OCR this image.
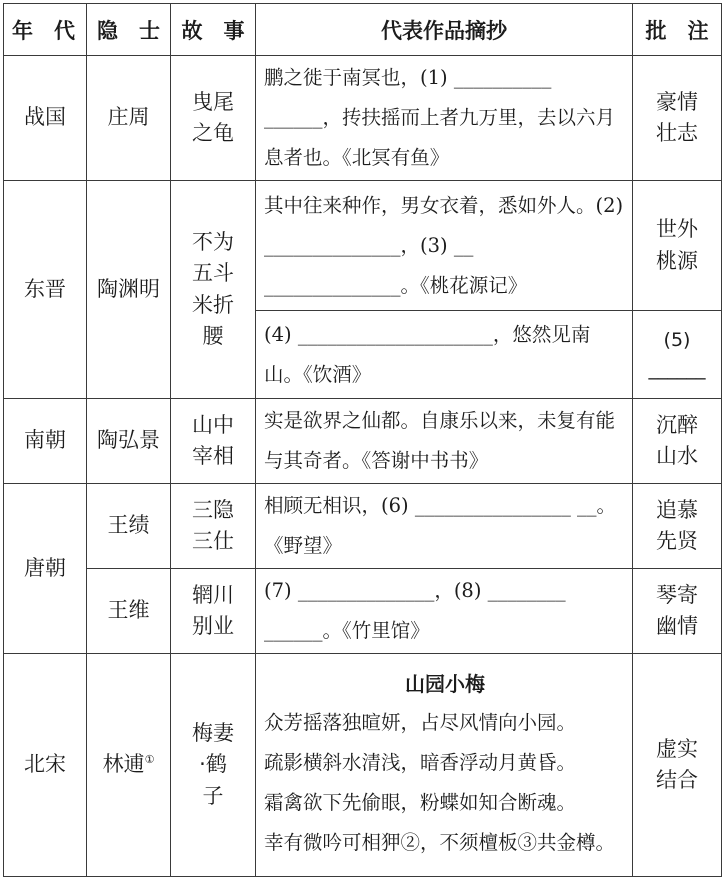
年　代	隐　士	故　事	代表作品摘抄	批　注
战国	庄周	曳尾之龟	鹏之徙于南冥也，(1) __________ ______，抟扶摇而上者九万里，去以六月息者也。《北冥有鱼》	豪情壮志

东晋	陶渊明	不为五斗米折腰	其中往来种作，男女衣着，悉如外人。(2) ______________，(3) __ ______________。《桃花源记》	世外桃源

			(4) ____________________，悠然见南山。《饮酒》	(5) ______
南朝	陶弘景	山中宰相	实是欲界之仙都。自康乐以来，未复有能与其奇者。《答谢中书书》	沉醉山水

唐朝	王绩	三隐三仕	相顾无相识，(6) ________________ __。《野望》	追慕先贤

	王维	辋川别业	(7) ______________，(8) ________ ______。《竹里馆》	琴寄幽情

北宋	林逋①	梅妻·鹤子	山园小梅
众芳摇落独暄妍，占尽风情向小园。
疏影横斜水清浅，暗香浮动月黄昏。
霜禽欲下先偷眼，粉蝶如知合断魂。
幸有微吟可相狎②，不须檀板③共金樽。	虚实结合
